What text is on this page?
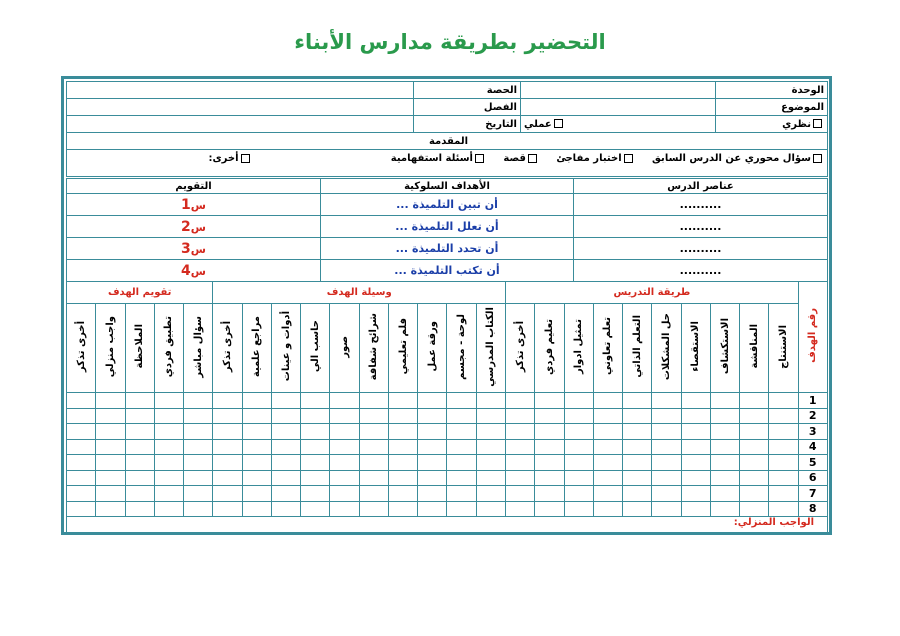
التحضير بطريقة مدارس الأبناء
الوحدة		الحصة	
الموضوع		الفصل	
نظري	عملي	التاريخ	
المقدمة			
سؤال محوري عن الدرس السابق     اختبار مفاجئ     قصة     أسئلة استفهامية                                        أخرى:			
عناصر الدرس	الأهداف السلوكية	التقويم
..........	أن تبين التلميذة ...	س1
..........	أن تعلل التلميذة ...	س2
..........	أن تحدد التلميذة ...	س3
..........	أن تكتب التلميذة ...	س4
رقم الهدف	طريقة التدريس										وسيلة الهدف										تقويم الهدف				
	الاستنتاج	المناقشة	الاستكشاف	الاستقصاء	حل المشكلات	التعلم الذاتي	تعلم تعاوني	تمثيل ادوار	تعليم فردي	أخرى تذكر	الكتاب المدرسي	لوحة - مجسم	ورقة عمل	فلم تعليمي	شرائح شفافة	صور	حاسب الي	أدوات و عينات	مراجع علمية	أخرى تذكر	سؤال مباشر	تطبيق فردي	الملاحظة	واجب منزلي	أخرى تذكر
1																									
2																									
3																									
4																									
5																									
6																									
7																									
8																									

الواجب المنزلي:
